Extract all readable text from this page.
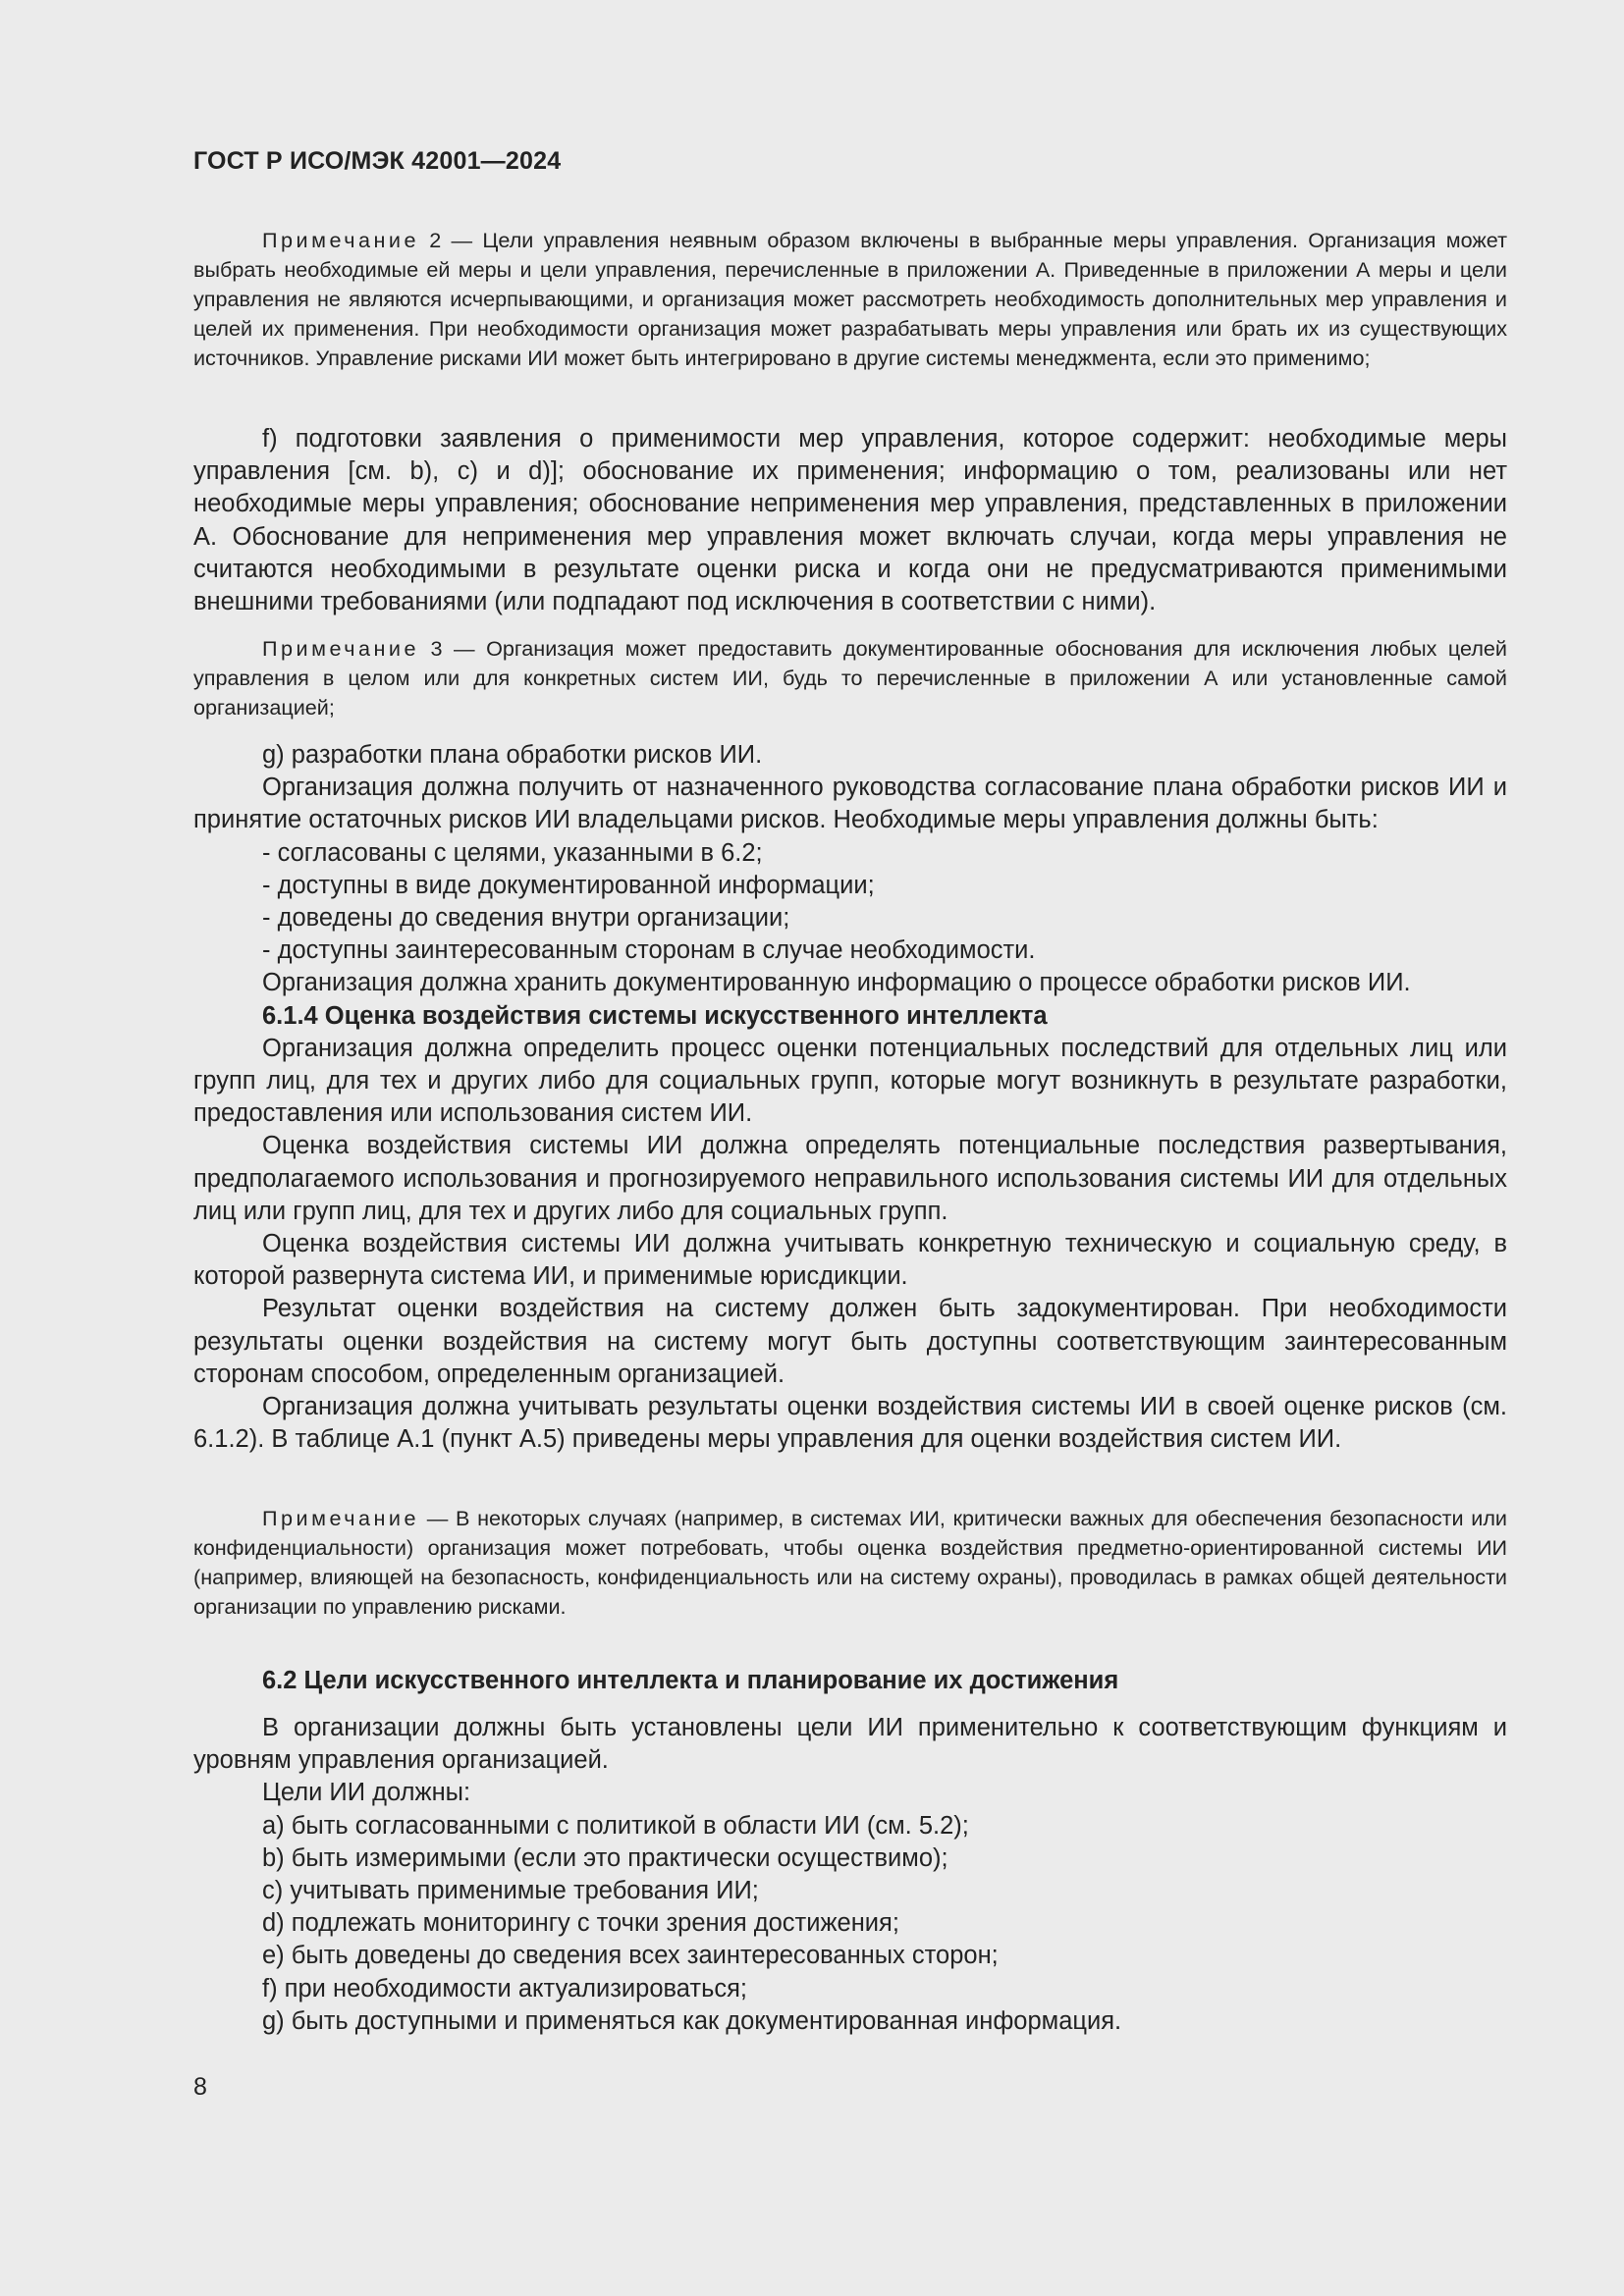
ГОСТ Р ИСО/МЭК 42001—2024

Примечание 2 — Цели управления неявным образом включены в выбранные меры управления. Организация может выбрать необходимые ей меры и цели управления, перечисленные в приложении А. Приведенные в приложении А меры и цели управления не являются исчерпывающими, и организация может рассмотреть необходимость дополнительных мер управления и целей их применения. При необходимости организация может разрабатывать меры управления или брать их из существующих источников. Управление рисками ИИ может быть интегрировано в другие системы менеджмента, если это применимо;

f) подготовки заявления о применимости мер управления, которое содержит: необходимые меры управления [см. b), c) и d)]; обоснование их применения; информацию о том, реализованы или нет необходимые меры управления; обоснование неприменения мер управления, представленных в приложении А. Обоснование для неприменения мер управления может включать случаи, когда меры управления не считаются необходимыми в результате оценки риска и когда они не предусматриваются применимыми внешними требованиями (или подпадают под исключения в соответствии с ними).

Примечание 3 — Организация может предоставить документированные обоснования для исключения любых целей управления в целом или для конкретных систем ИИ, будь то перечисленные в приложении А или установленные самой организацией;

g) разработки плана обработки рисков ИИ.

Организация должна получить от назначенного руководства согласование плана обработки рисков ИИ и принятие остаточных рисков ИИ владельцами рисков. Необходимые меры управления должны быть:

- согласованы с целями, указанными в 6.2;

- доступны в виде документированной информации;

- доведены до сведения внутри организации;

- доступны заинтересованным сторонам в случае необходимости.

Организация должна хранить документированную информацию о процессе обработки рисков ИИ.

6.1.4 Оценка воздействия системы искусственного интеллекта

Организация должна определить процесс оценки потенциальных последствий для отдельных лиц или групп лиц, для тех и других либо для социальных групп, которые могут возникнуть в результате разработки, предоставления или использования систем ИИ.

Оценка воздействия системы ИИ должна определять потенциальные последствия развертывания, предполагаемого использования и прогнозируемого неправильного использования системы ИИ для отдельных лиц или групп лиц, для тех и других либо для социальных групп.

Оценка воздействия системы ИИ должна учитывать конкретную техническую и социальную среду, в которой развернута система ИИ, и применимые юрисдикции.

Результат оценки воздействия на систему должен быть задокументирован. При необходимости результаты оценки воздействия на систему могут быть доступны соответствующим заинтересованным сторонам способом, определенным организацией.

Организация должна учитывать результаты оценки воздействия системы ИИ в своей оценке рисков (см. 6.1.2). В таблице А.1 (пункт А.5) приведены меры управления для оценки воздействия систем ИИ.

Примечание — В некоторых случаях (например, в системах ИИ, критически важных для обеспечения безопасности или конфиденциальности) организация может потребовать, чтобы оценка воздействия предметно-ориентированной системы ИИ (например, влияющей на безопасность, конфиденциальность или на систему охраны), проводилась в рамках общей деятельности организации по управлению рисками.

6.2 Цели искусственного интеллекта и планирование их достижения

В организации должны быть установлены цели ИИ применительно к соответствующим функциям и уровням управления организацией.

Цели ИИ должны:

a) быть согласованными с политикой в области ИИ (см. 5.2);

b) быть измеримыми (если это практически осуществимо);

c) учитывать применимые требования ИИ;

d) подлежать мониторингу с точки зрения достижения;

e) быть доведены до сведения всех заинтересованных сторон;

f) при необходимости актуализироваться;

g) быть доступными и применяться как документированная информация.

8
